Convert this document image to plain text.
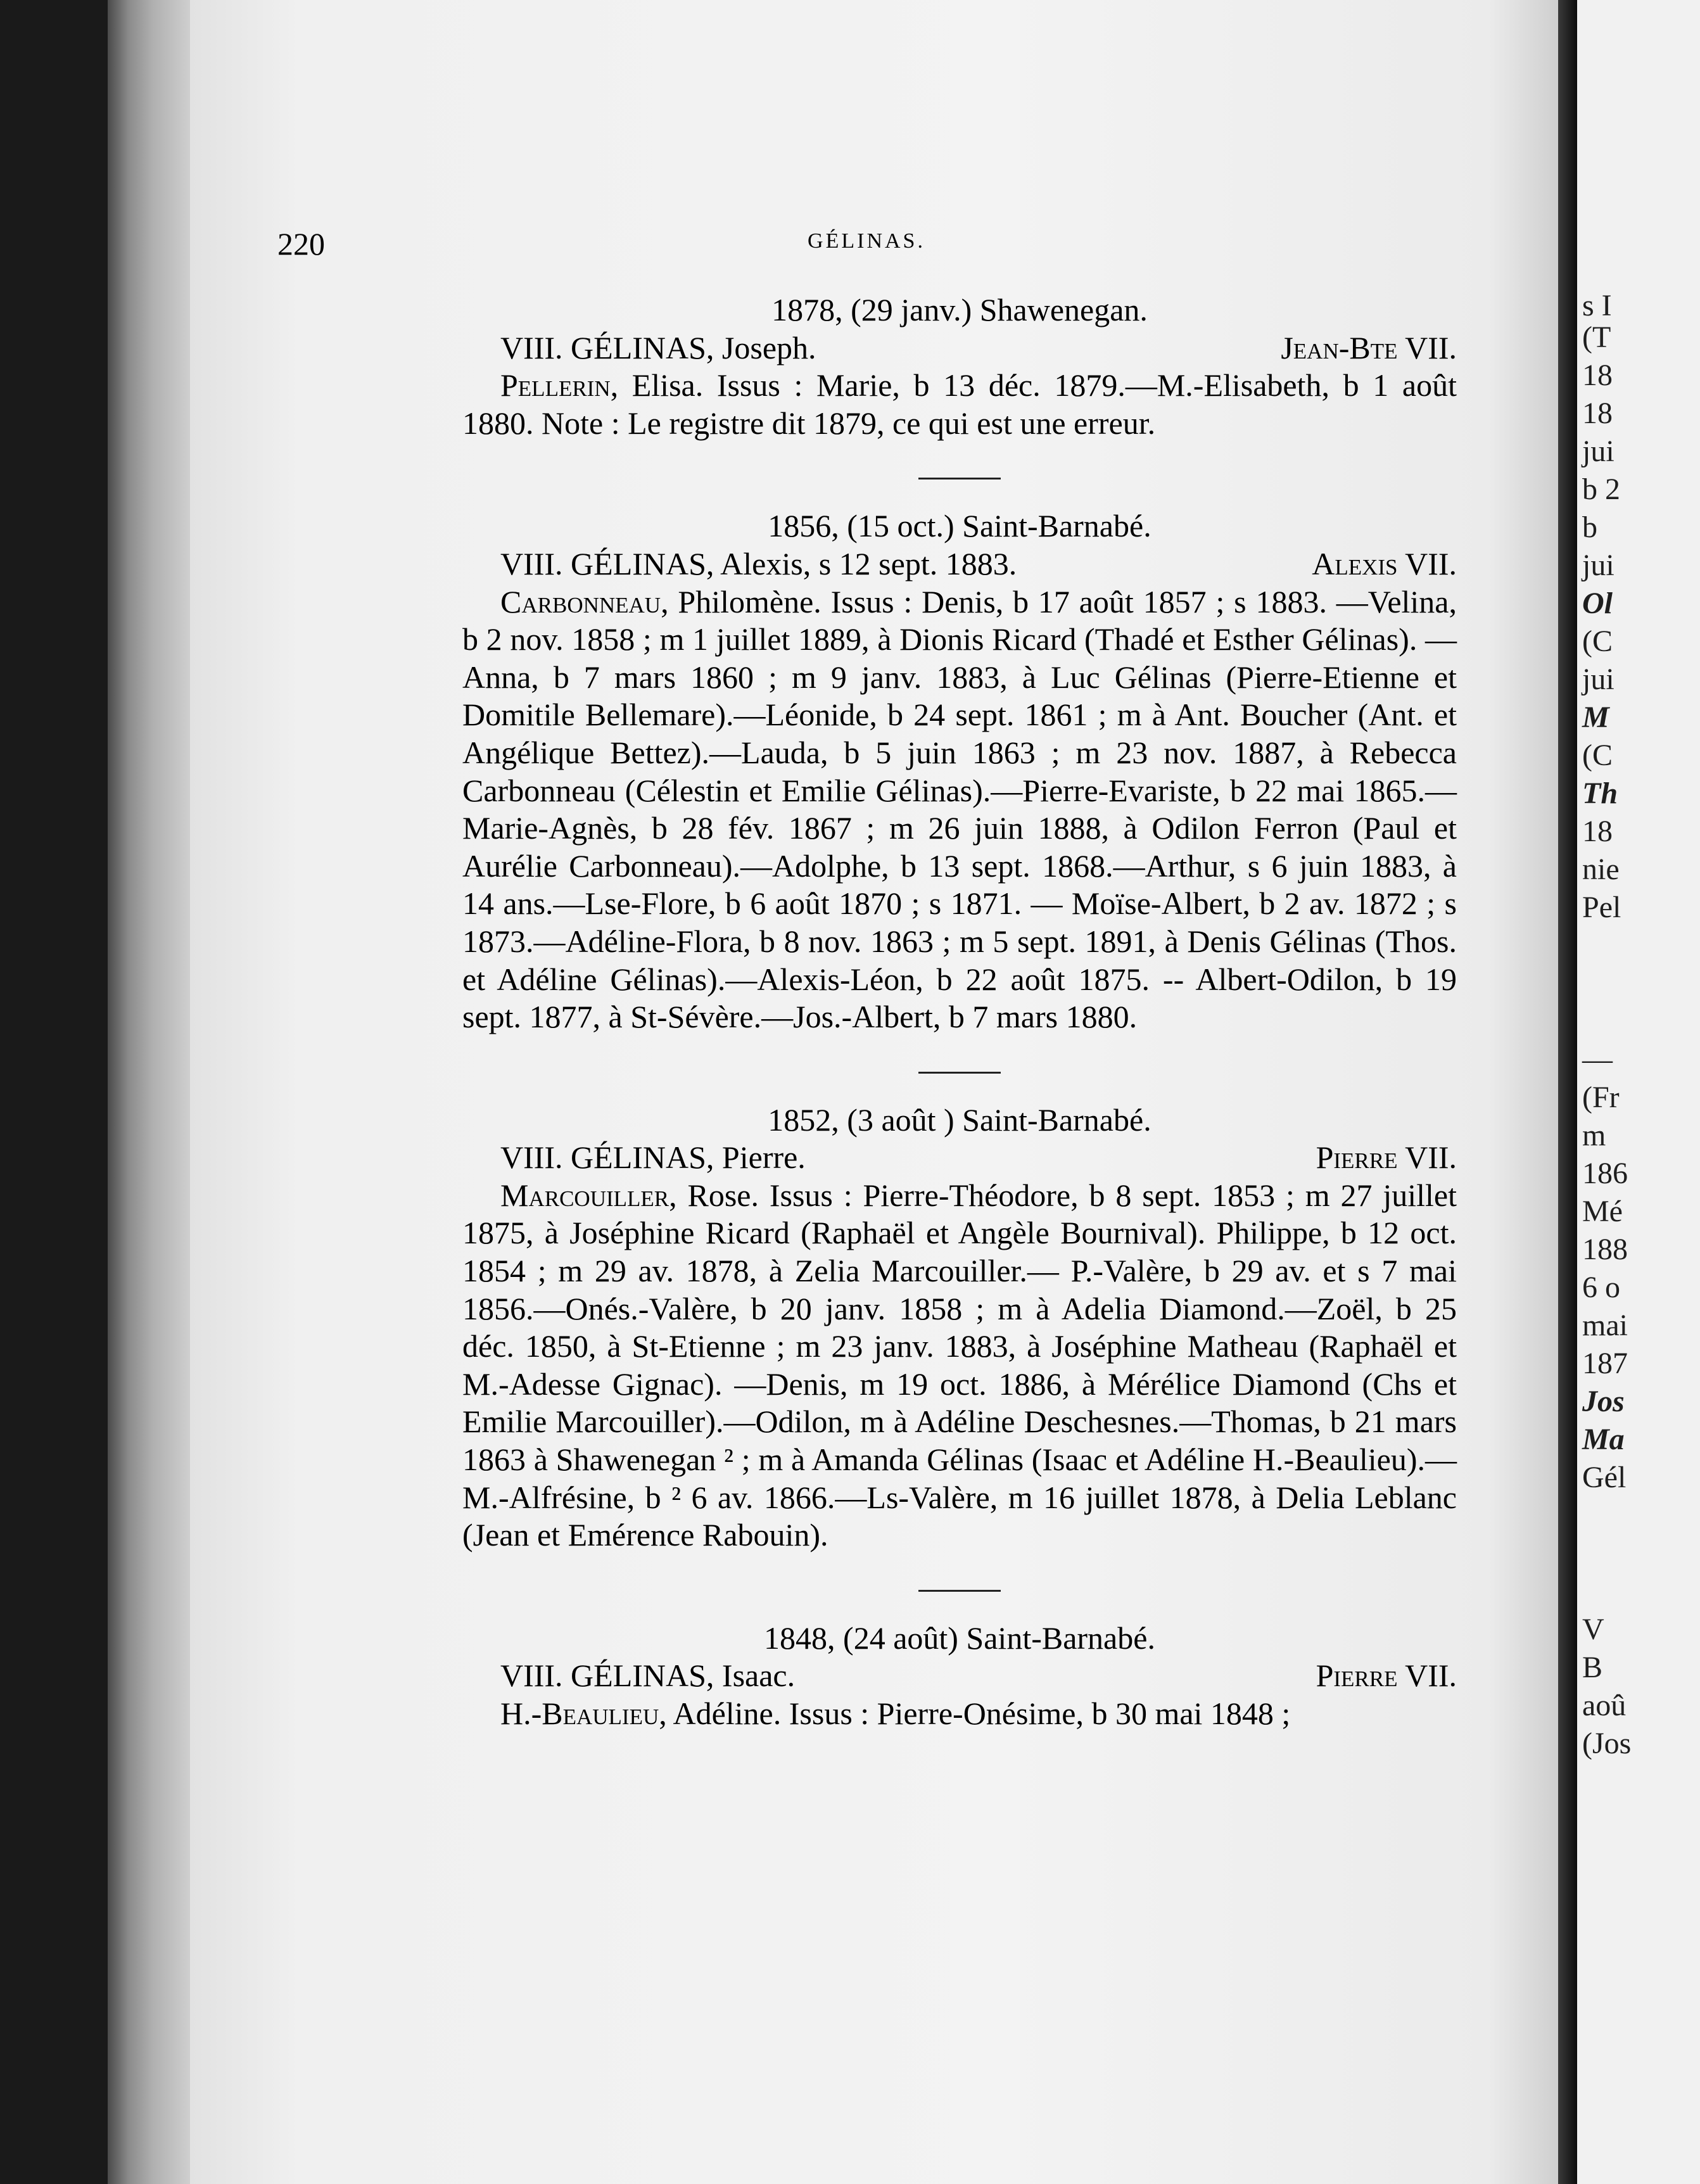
220	GÉLINAS.
1878, (29 janv.) Shawenegan.
VIII. GÉLINAS, Joseph.	Jean-Bte VII.

Pellerin, Elisa. Issus : Marie, b 13 déc. 1879.—M.-Elisabeth, b 1 août 1880. Note : Le registre dit 1879, ce qui est une erreur.

1856, (15 oct.) Saint-Barnabé.
VIII. GÉLINAS, Alexis, s 12 sept. 1883.	Alexis VII.

Carbonneau, Philomène. Issus : Denis, b 17 août 1857 ; s 1883. —Velina, b 2 nov. 1858 ; m 1 juillet 1889, à Dionis Ricard (Thadé et Esther Gélinas). — Anna, b 7 mars 1860 ; m 9 janv. 1883, à Luc Gélinas (Pierre-Etienne et Domitile Bellemare).—Léonide, b 24 sept. 1861 ; m à Ant. Boucher (Ant. et Angélique Bettez).—Lauda, b 5 juin 1863 ; m 23 nov. 1887, à Rebecca Carbonneau (Célestin et Emilie Gélinas).—Pierre-Evariste, b 22 mai 1865.—Marie-Agnès, b 28 fév. 1867 ; m 26 juin 1888, à Odilon Ferron (Paul et Aurélie Carbonneau).—Adolphe, b 13 sept. 1868.—Arthur, s 6 juin 1883, à 14 ans.—Lse-Flore, b 6 août 1870 ; s 1871. — Moïse-Albert, b 2 av. 1872 ; s 1873.—Adéline-Flora, b 8 nov. 1863 ; m 5 sept. 1891, à Denis Gélinas (Thos. et Adéline Gélinas).—Alexis-Léon, b 22 août 1875. -- Albert-Odilon, b 19 sept. 1877, à St-Sévère.—Jos.-Albert, b 7 mars 1880.

1852, (3 août ) Saint-Barnabé.
VIII. GÉLINAS, Pierre.	Pierre VII.

Marcouiller, Rose. Issus : Pierre-Théodore, b 8 sept. 1853 ; m 27 juillet 1875, à Joséphine Ricard (Raphaël et Angèle Bournival). Philippe, b 12 oct. 1854 ; m 29 av. 1878, à Zelia Marcouiller.— P.-Valère, b 29 av. et s 7 mai 1856.—Onés.-Valère, b 20 janv. 1858 ; m à Adelia Diamond.—Zoël, b 25 déc. 1850, à St-Etienne ; m 23 janv. 1883, à Joséphine Matheau (Raphaël et M.-Adesse Gignac). —Denis, m 19 oct. 1886, à Mérélice Diamond (Chs et Emilie Marcouiller).—Odilon, m à Adéline Deschesnes.—Thomas, b 21 mars 1863 à Shawenegan ² ; m à Amanda Gélinas (Isaac et Adéline H.-Beaulieu).—M.-Alfrésine, b ² 6 av. 1866.—Ls-Valère, m 16 juillet 1878, à Delia Leblanc (Jean et Emérence Rabouin).

1848, (24 août) Saint-Barnabé.
VIII. GÉLINAS, Isaac.	Pierre VII.

H.-Beaulieu, Adéline. Issus : Pierre-Onésime, b 30 mai 1848 ;

s I
(T
18
18
jui
b 2
b
jui
Ol
(C
jui
M
(C
Th
18
nie
Pel
—
(Fr
m
186
Mé
188
6 o
mai
187
Jos
Ma
Gél
V
B
aoû
(Jos
